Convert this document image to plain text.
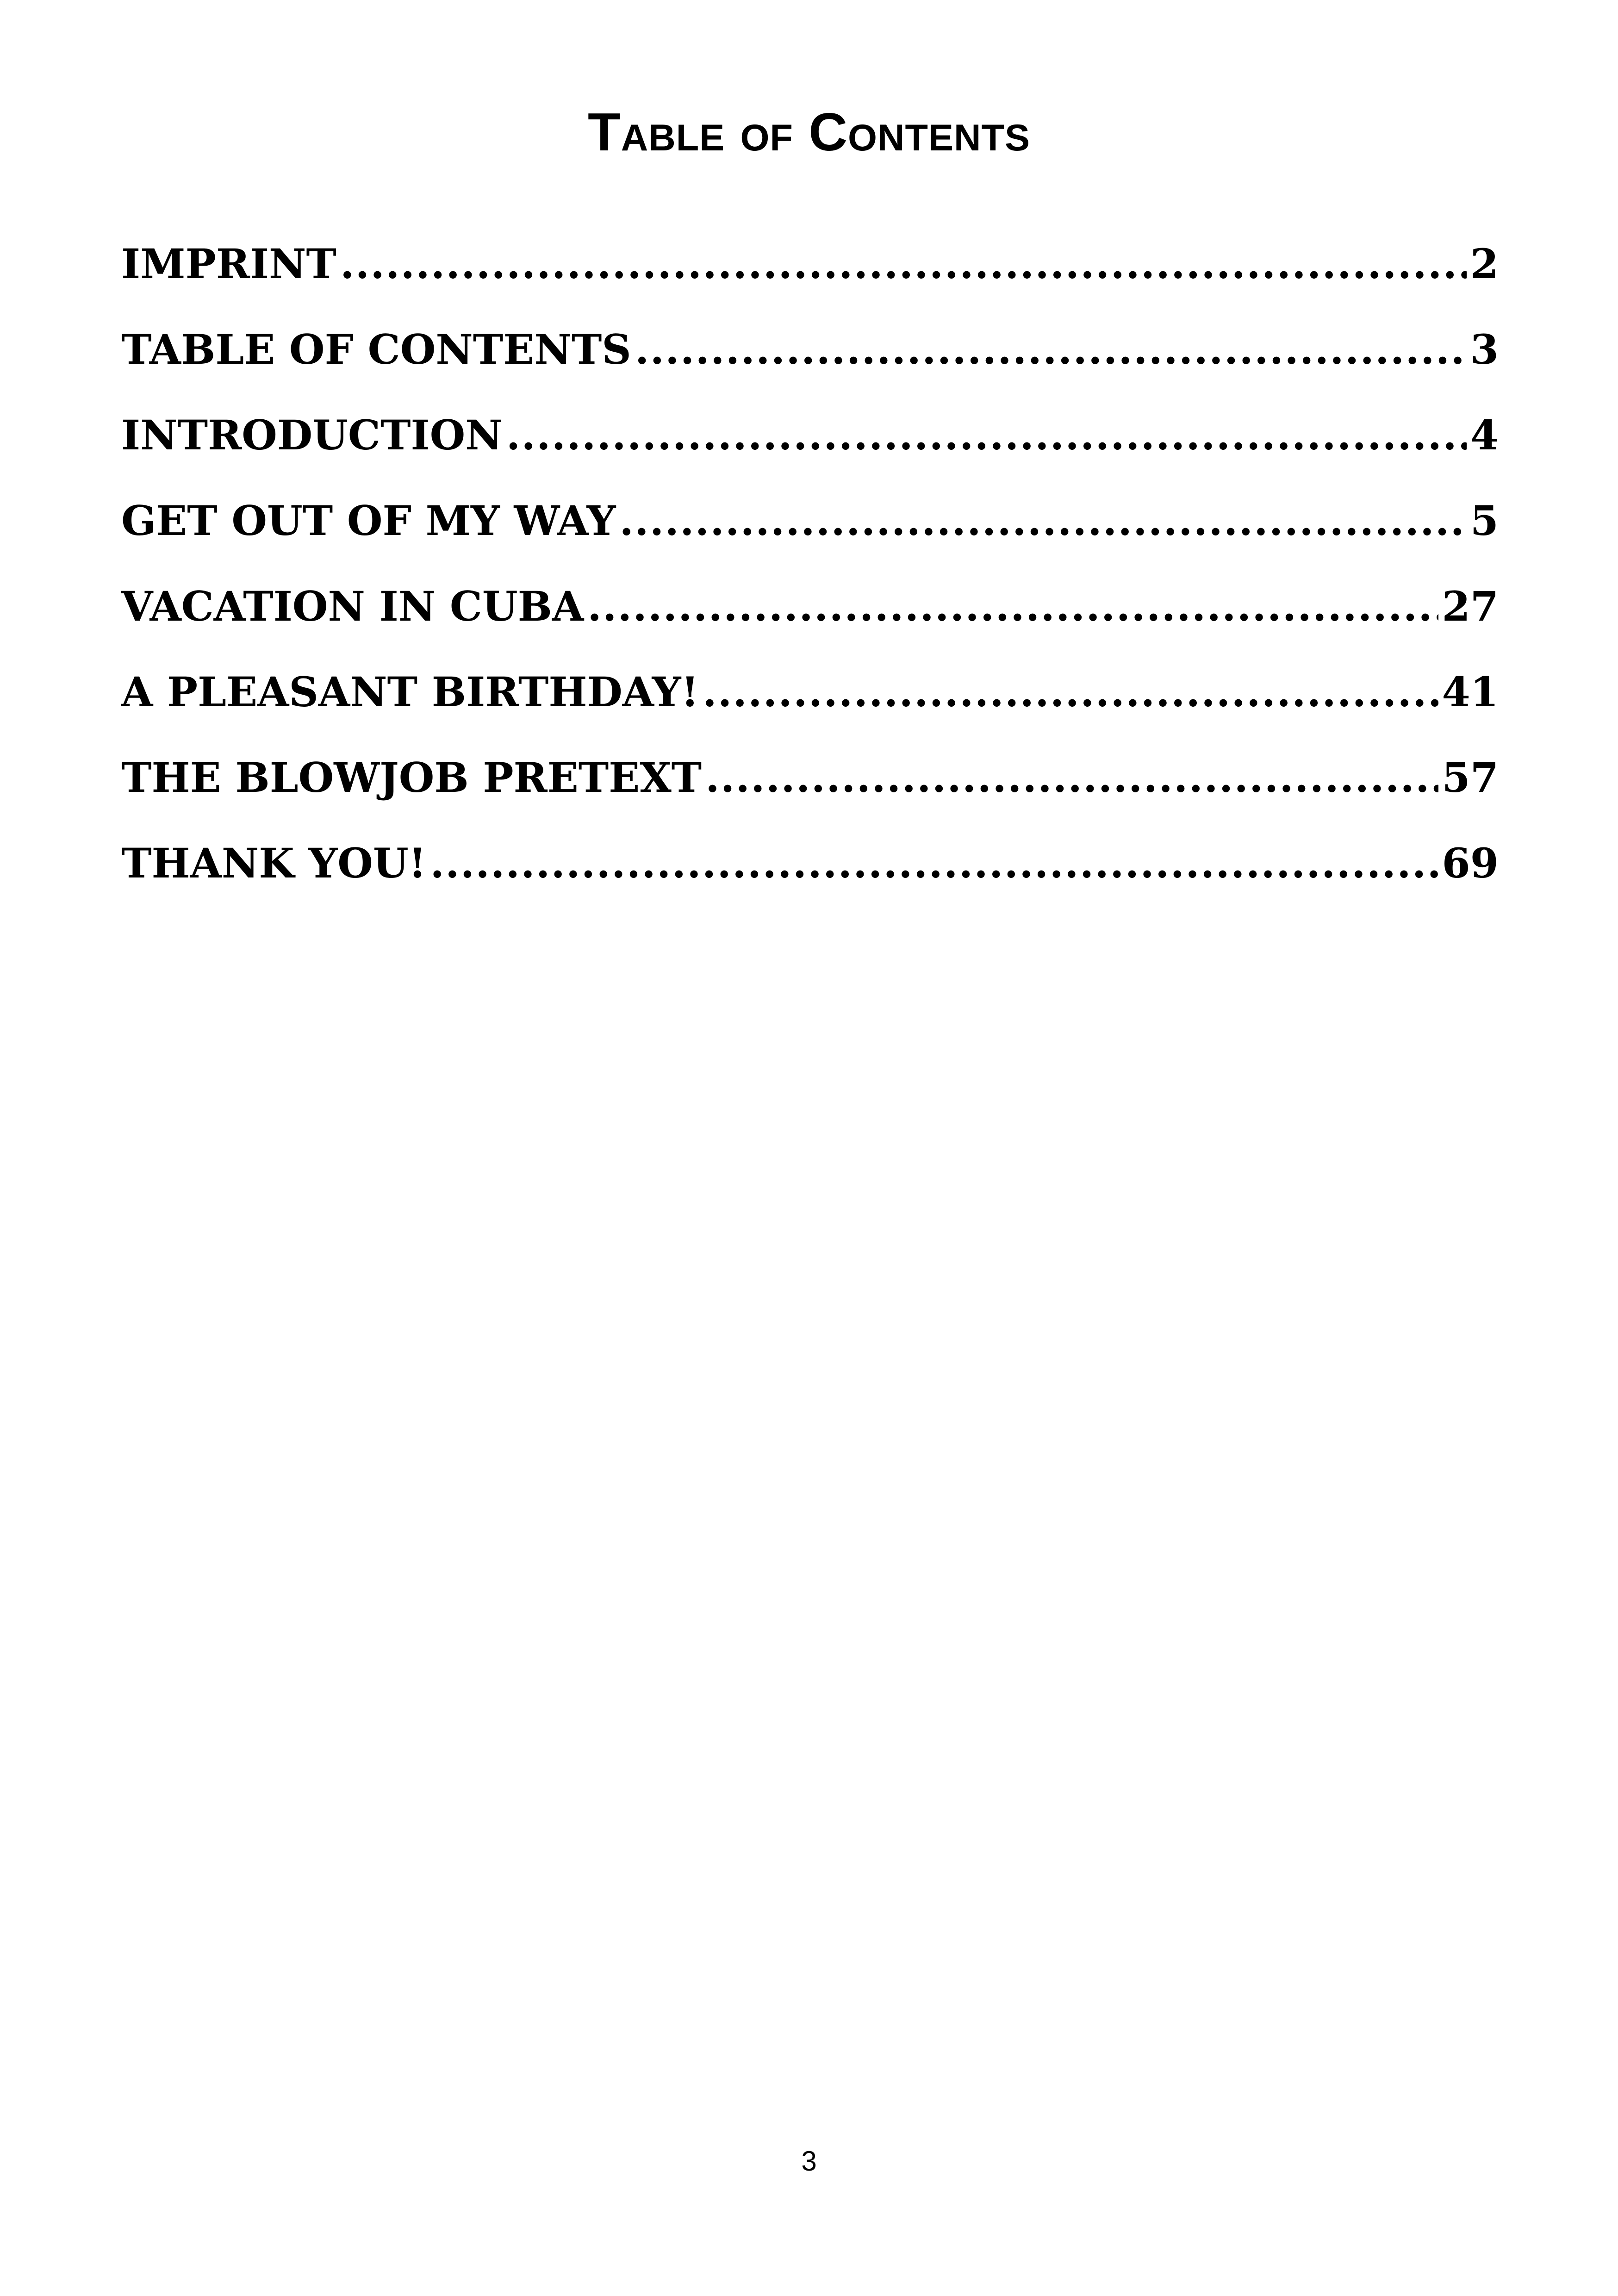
Table of Contents
IMPRINT .....	2
TABLE OF CONTENTS .....	3
INTRODUCTION .....	4
GET OUT OF MY WAY .....	5
VACATION IN CUBA .....	27
A PLEASANT BIRTHDAY! .....	41
THE BLOWJOB PRETEXT .....	57
THANK YOU! .....	69
3
